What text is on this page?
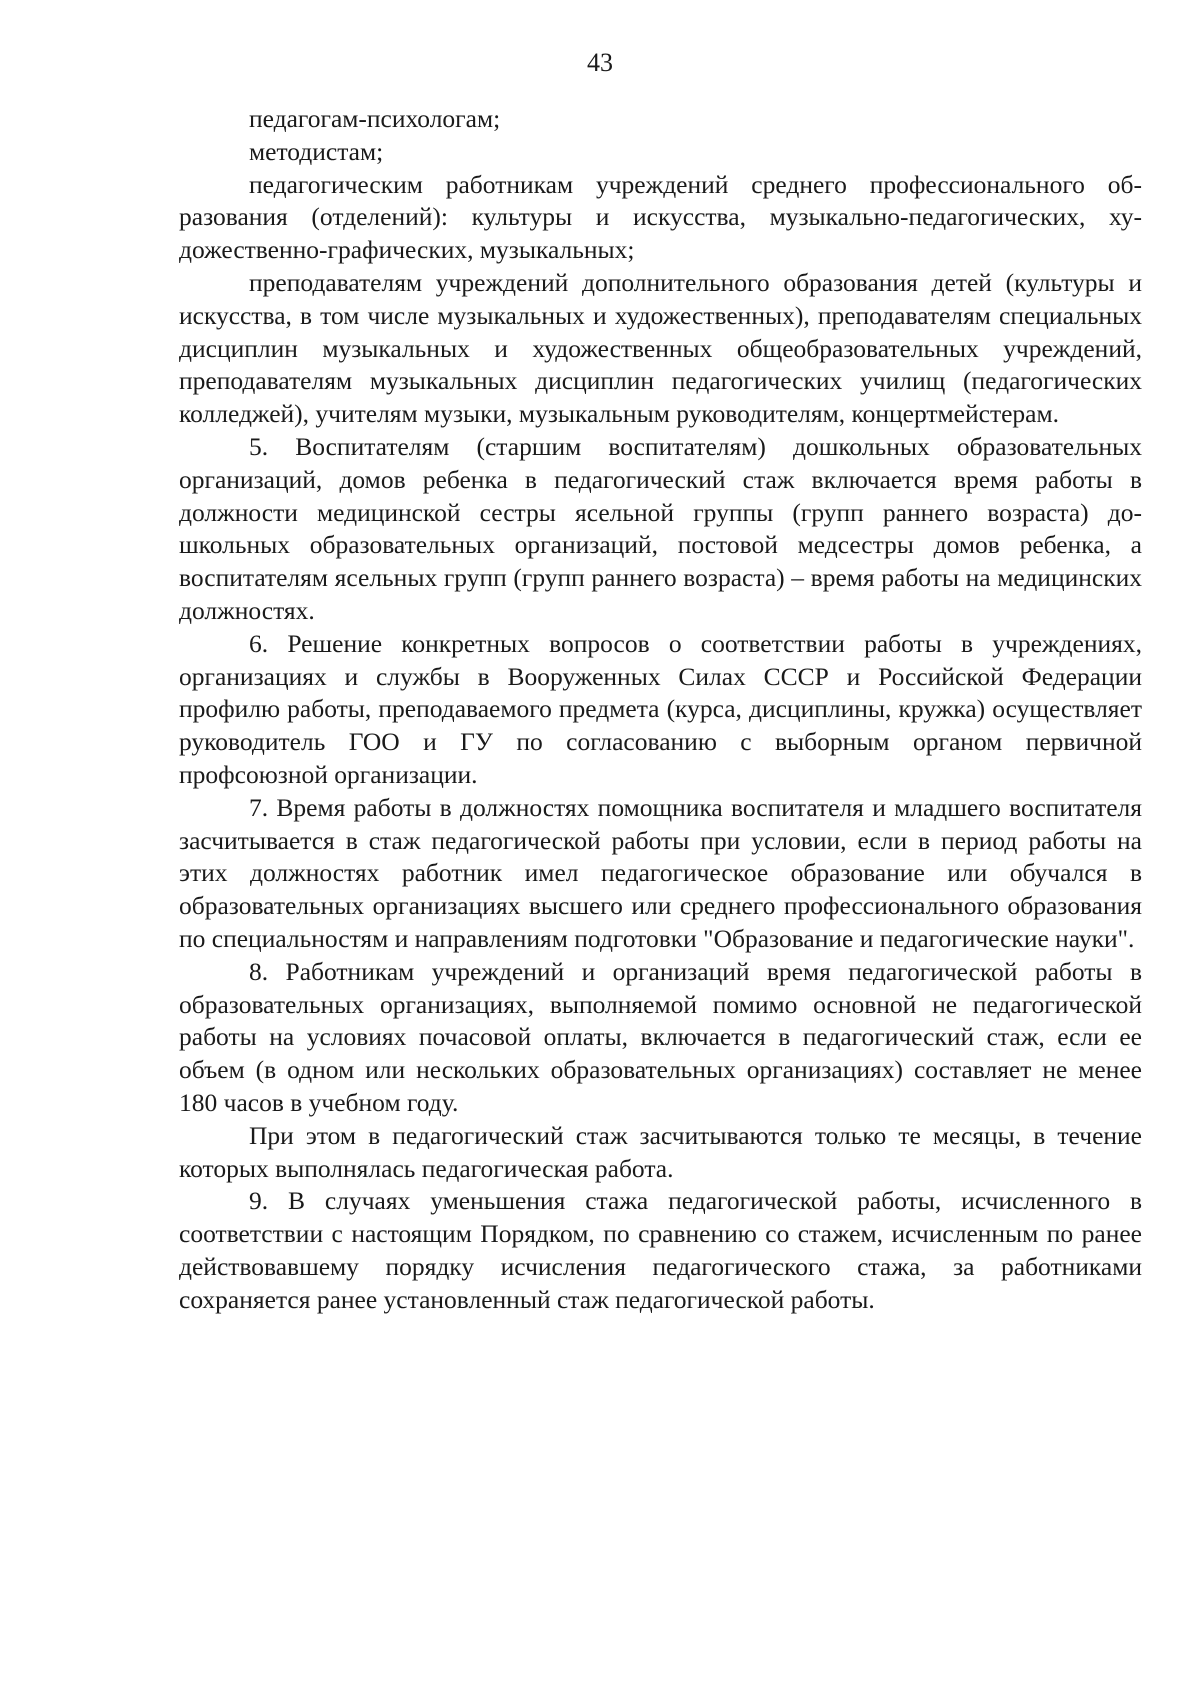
43

педагогам-психологам;

методистам;

педагогическим работникам учреждений среднего профессионального образования (отделений): культуры и искусства, музыкально-педагогических, художественно-графических, музыкальных;

преподавателям учреждений дополнительного образования детей (культуры и искусства, в том числе музыкальных и художественных), преподавателям специальных дисциплин музыкальных и художественных общеобразовательных учреждений, преподавателям музыкальных дисциплин педагогических училищ (педагогических колледжей), учителям музыки, музыкальным руководителям, концертмейстерам.

5. Воспитателям (старшим воспитателям) дошкольных образовательных организаций, домов ребенка в педагогический стаж включается время работы в должности медицинской сестры ясельной группы (групп раннего возраста) дошкольных образовательных организаций, постовой медсестры домов ребенка, а воспитателям ясельных групп (групп раннего возраста) – время работы на медицинских должностях.

6. Решение конкретных вопросов о соответствии работы в учреждениях, организациях и службы в Вооруженных Силах СССР и Российской Федерации профилю работы, преподаваемого предмета (курса, дисциплины, кружка) осуществляет руководитель ГОО и ГУ по согласованию с выборным органом первичной профсоюзной организации.

7. Время работы в должностях помощника воспитателя и младшего воспитателя засчитывается в стаж педагогической работы при условии, если в период работы на этих должностях работник имел педагогическое образование или обучался в образовательных организациях высшего или среднего профессионального образования по специальностям и направлениям подготовки "Образование и педагогические науки".

8. Работникам учреждений и организаций время педагогической работы в образовательных организациях, выполняемой помимо основной не педагогической работы на условиях почасовой оплаты, включается в педагогический стаж, если ее объем (в одном или нескольких образовательных организациях) составляет не менее 180 часов в учебном году.

При этом в педагогический стаж засчитываются только те месяцы, в течение которых выполнялась педагогическая работа.

9. В случаях уменьшения стажа педагогической работы, исчисленного в соответствии с настоящим Порядком, по сравнению со стажем, исчисленным по ранее действовавшему порядку исчисления педагогического стажа, за работниками сохраняется ранее установленный стаж педагогической работы.
